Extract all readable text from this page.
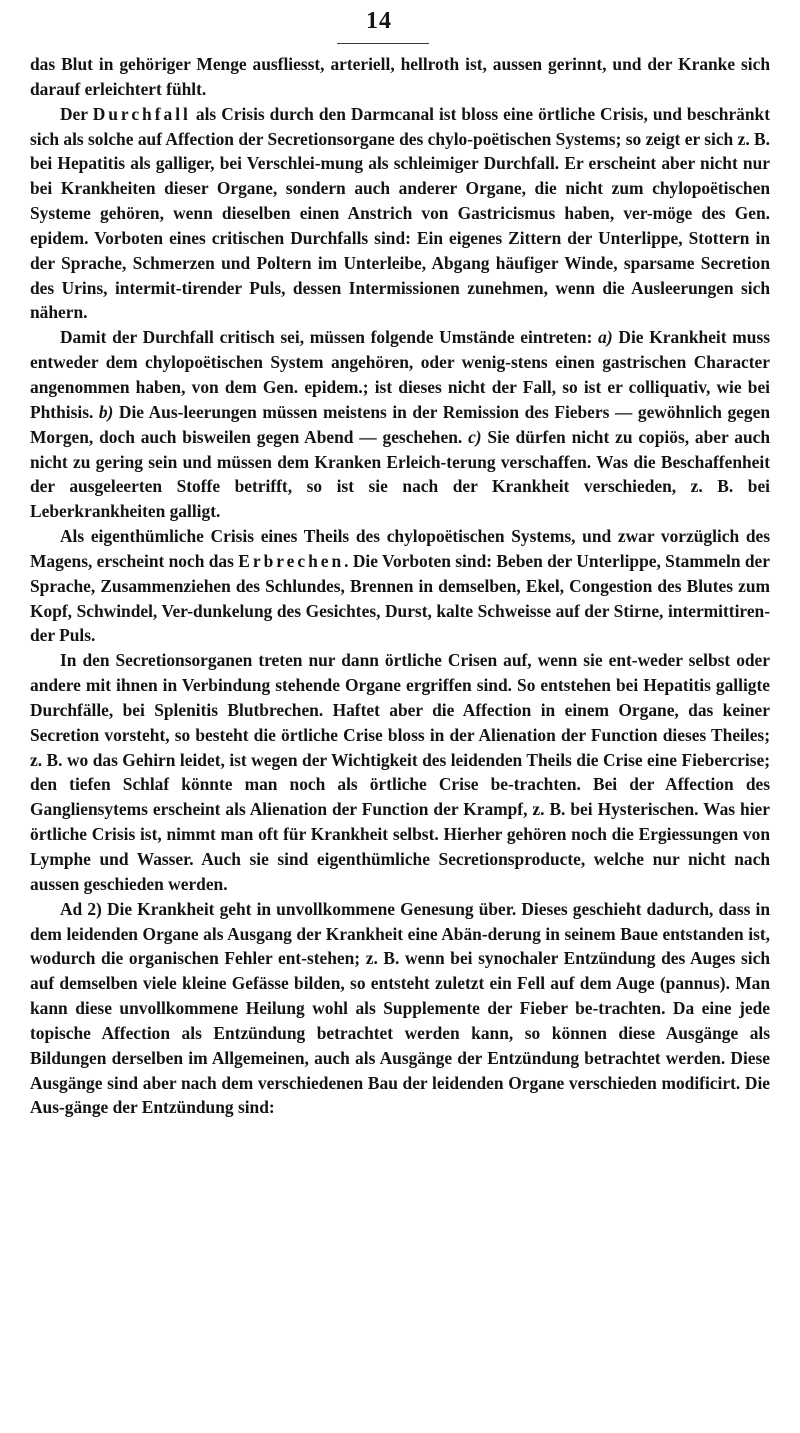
14

das Blut in gehöriger Menge ausfliesst, arteriell, hellroth ist, aussen gerinnt, und der Kranke sich darauf erleichtert fühlt.

Der Durchfall als Crisis durch den Darmcanal ist bloss eine örtliche Crisis, und beschränkt sich als solche auf Affection der Secretionsorgane des chylo-poëtischen Systems; so zeigt er sich z. B. bei Hepatitis als galliger, bei Verschlei-mung als schleimiger Durchfall. Er erscheint aber nicht nur bei Krankheiten dieser Organe, sondern auch anderer Organe, die nicht zum chylopoëtischen Systeme gehören, wenn dieselben einen Anstrich von Gastricismus haben, ver-möge des Gen. epidem. Vorboten eines critischen Durchfalls sind: Ein eigenes Zittern der Unterlippe, Stottern in der Sprache, Schmerzen und Poltern im Unterleibe, Abgang häufiger Winde, sparsame Secretion des Urins, intermit-tirender Puls, dessen Intermissionen zunehmen, wenn die Ausleerungen sich nähern.

Damit der Durchfall critisch sei, müssen folgende Umstände eintreten: a) Die Krankheit muss entweder dem chylopoëtischen System angehören, oder wenig-stens einen gastrischen Character angenommen haben, von dem Gen. epidem.; ist dieses nicht der Fall, so ist er colliquativ, wie bei Phthisis. b) Die Aus-leerungen müssen meistens in der Remission des Fiebers — gewöhnlich gegen Morgen, doch auch bisweilen gegen Abend — geschehen. c) Sie dürfen nicht zu copiös, aber auch nicht zu gering sein und müssen dem Kranken Erleich-terung verschaffen. Was die Beschaffenheit der ausgeleerten Stoffe betrifft, so ist sie nach der Krankheit verschieden, z. B. bei Leberkrankheiten galligt.

Als eigenthümliche Crisis eines Theils des chylopoëtischen Systems, und zwar vorzüglich des Magens, erscheint noch das Erbrechen. Die Vorboten sind: Beben der Unterlippe, Stammeln der Sprache, Zusammenziehen des Schlundes, Brennen in demselben, Ekel, Congestion des Blutes zum Kopf, Schwindel, Ver-dunkelung des Gesichtes, Durst, kalte Schweisse auf der Stirne, intermittiren-der Puls.

In den Secretionsorganen treten nur dann örtliche Crisen auf, wenn sie ent-weder selbst oder andere mit ihnen in Verbindung stehende Organe ergriffen sind. So entstehen bei Hepatitis galligte Durchfälle, bei Splenitis Blutbrechen. Haftet aber die Affection in einem Organe, das keiner Secretion vorsteht, so besteht die örtliche Crise bloss in der Alienation der Function dieses Theiles; z. B. wo das Gehirn leidet, ist wegen der Wichtigkeit des leidenden Theils die Crise eine Fiebercrise; den tiefen Schlaf könnte man noch als örtliche Crise be-trachten. Bei der Affection des Gangliensytems erscheint als Alienation der Function der Krampf, z. B. bei Hysterischen. Was hier örtliche Crisis ist, nimmt man oft für Krankheit selbst. Hierher gehören noch die Ergiessungen von Lymphe und Wasser. Auch sie sind eigenthümliche Secretionsproducte, welche nur nicht nach aussen geschieden werden.

Ad 2) Die Krankheit geht in unvollkommene Genesung über. Dieses geschieht dadurch, dass in dem leidenden Organe als Ausgang der Krankheit eine Abän-derung in seinem Baue entstanden ist, wodurch die organischen Fehler ent-stehen; z. B. wenn bei synochaler Entzündung des Auges sich auf demselben viele kleine Gefässe bilden, so entsteht zuletzt ein Fell auf dem Auge (pannus). Man kann diese unvollkommene Heilung wohl als Supplemente der Fieber be-trachten. Da eine jede topische Affection als Entzündung betrachtet werden kann, so können diese Ausgänge als Bildungen derselben im Allgemeinen, auch als Ausgänge der Entzündung betrachtet werden. Diese Ausgänge sind aber nach dem verschiedenen Bau der leidenden Organe verschieden modificirt. Die Aus-gänge der Entzündung sind:
